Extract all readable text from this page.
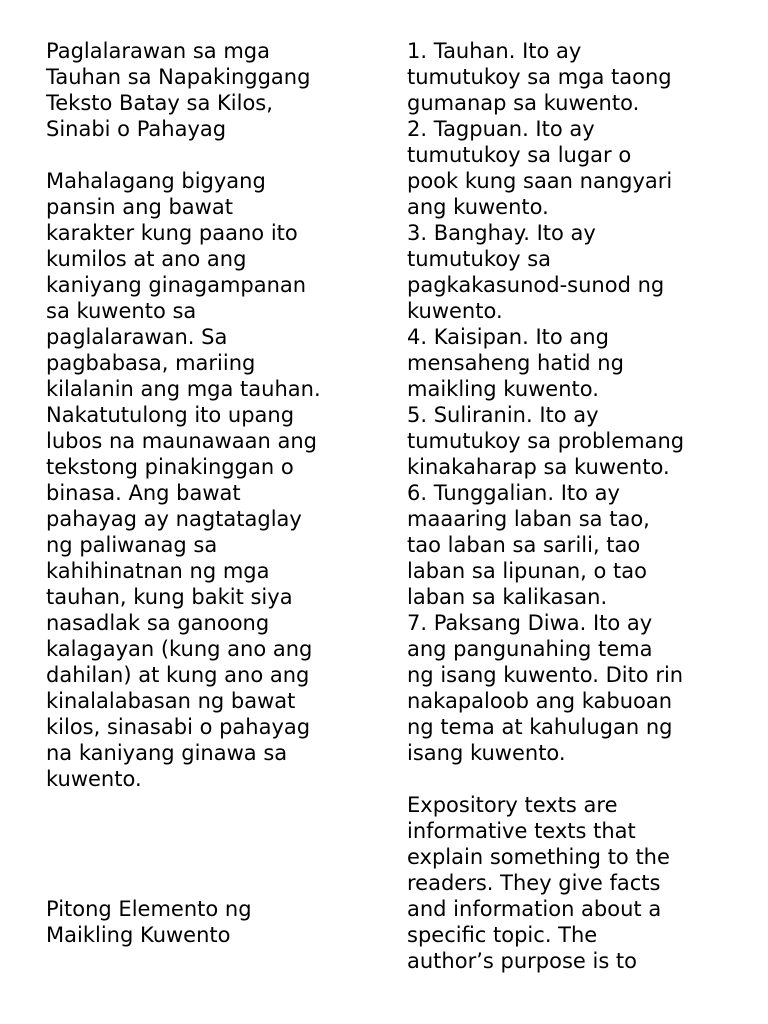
Paglalarawan sa mga
Tauhan sa Napakinggang
Teksto Batay sa Kilos,
Sinabi o Pahayag

Mahalagang bigyang
pansin ang bawat
karakter kung paano ito
kumilos at ano ang
kaniyang ginagampanan
sa kuwento sa
paglalarawan. Sa
pagbabasa, mariing
kilalanin ang mga tauhan.
Nakatutulong ito upang
lubos na maunawaan ang
tekstong pinakinggan o
binasa. Ang bawat
pahayag ay nagtataglay
ng paliwanag sa
kahihinatnan ng mga
tauhan, kung bakit siya
nasadlak sa ganoong
kalagayan (kung ano ang
dahilan) at kung ano ang
kinalalabasan ng bawat
kilos, sinasabi o pahayag
na kaniyang ginawa sa
kuwento.

Pitong Elemento ng
Maikling Kuwento

1. Tauhan. Ito ay
tumutukoy sa mga taong
gumanap sa kuwento.

2. Tagpuan. Ito ay
tumutukoy sa lugar o
pook kung saan nangyari
ang kuwento.

3. Banghay. Ito ay
tumutukoy sa
pagkakasunod-sunod ng
kuwento.

4. Kaisipan. Ito ang
mensaheng hatid ng
maikling kuwento.

5. Suliranin. Ito ay
tumutukoy sa problemang
kinakaharap sa kuwento.

6. Tunggalian. Ito ay
maaaring laban sa tao,
tao laban sa sarili, tao
laban sa lipunan, o tao
laban sa kalikasan.

7. Paksang Diwa. Ito ay
ang pangunahing tema
ng isang kuwento. Dito rin
nakapaloob ang kabuoan
ng tema at kahulugan ng
isang kuwento.

Expository texts are
informative texts that
explain something to the
readers. They give facts
and information about a
specific topic. The
author’s purpose is to
